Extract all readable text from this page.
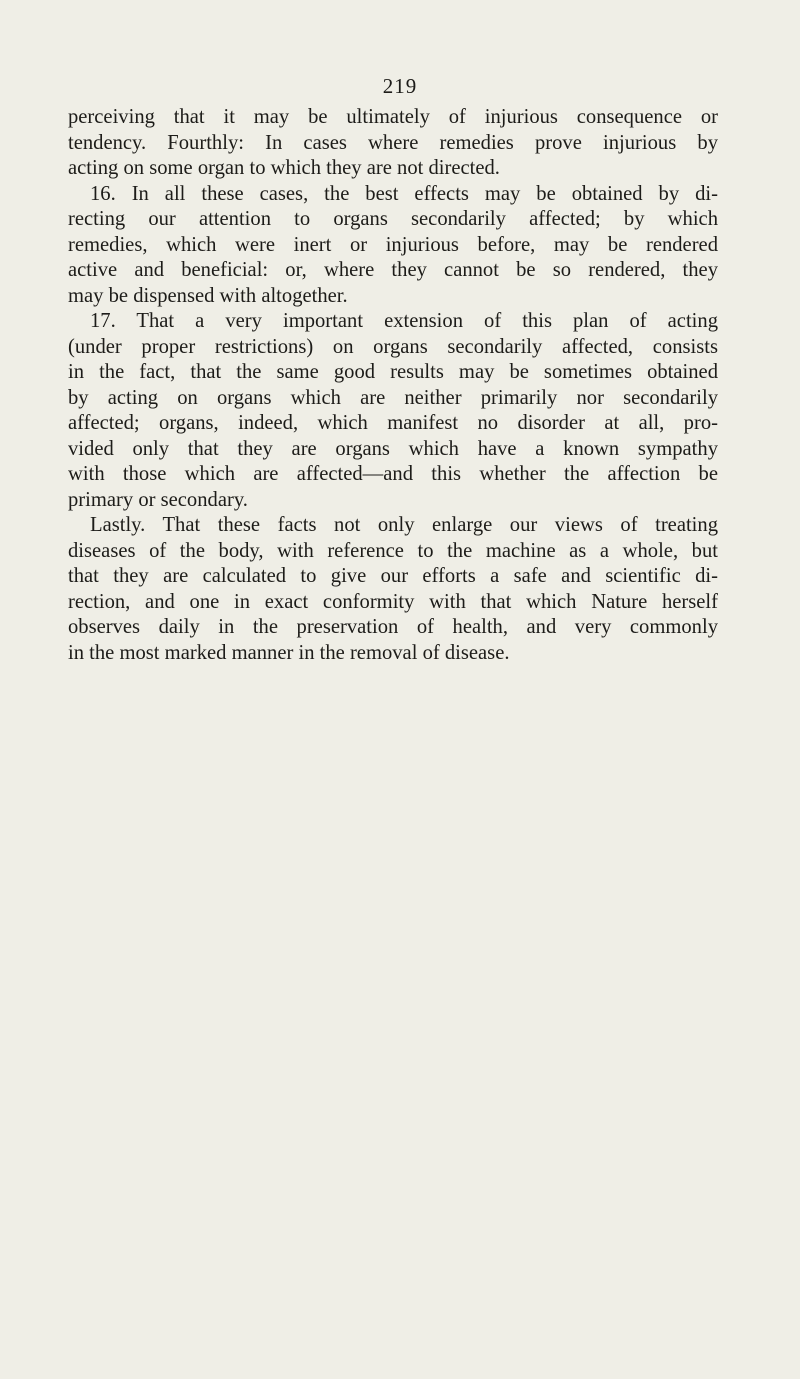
219
perceiving that it may be ultimately of injurious consequence or
tendency. Fourthly: In cases where remedies prove injurious by
acting on some organ to which they are not directed.
16. In all these cases, the best effects may be obtained by di-
recting our attention to organs secondarily affected; by which
remedies, which were inert or injurious before, may be rendered
active and beneficial: or, where they cannot be so rendered, they
may be dispensed with altogether.
17. That a very important extension of this plan of acting
(under proper restrictions) on organs secondarily affected, consists
in the fact, that the same good results may be sometimes obtained
by acting on organs which are neither primarily nor secondarily
affected; organs, indeed, which manifest no disorder at all, pro-
vided only that they are organs which have a known sympathy
with those which are affected—and this whether the affection be
primary or secondary.
Lastly. That these facts not only enlarge our views of treating
diseases of the body, with reference to the machine as a whole, but
that they are calculated to give our efforts a safe and scientific di-
rection, and one in exact conformity with that which Nature herself
observes daily in the preservation of health, and very commonly
in the most marked manner in the removal of disease.
